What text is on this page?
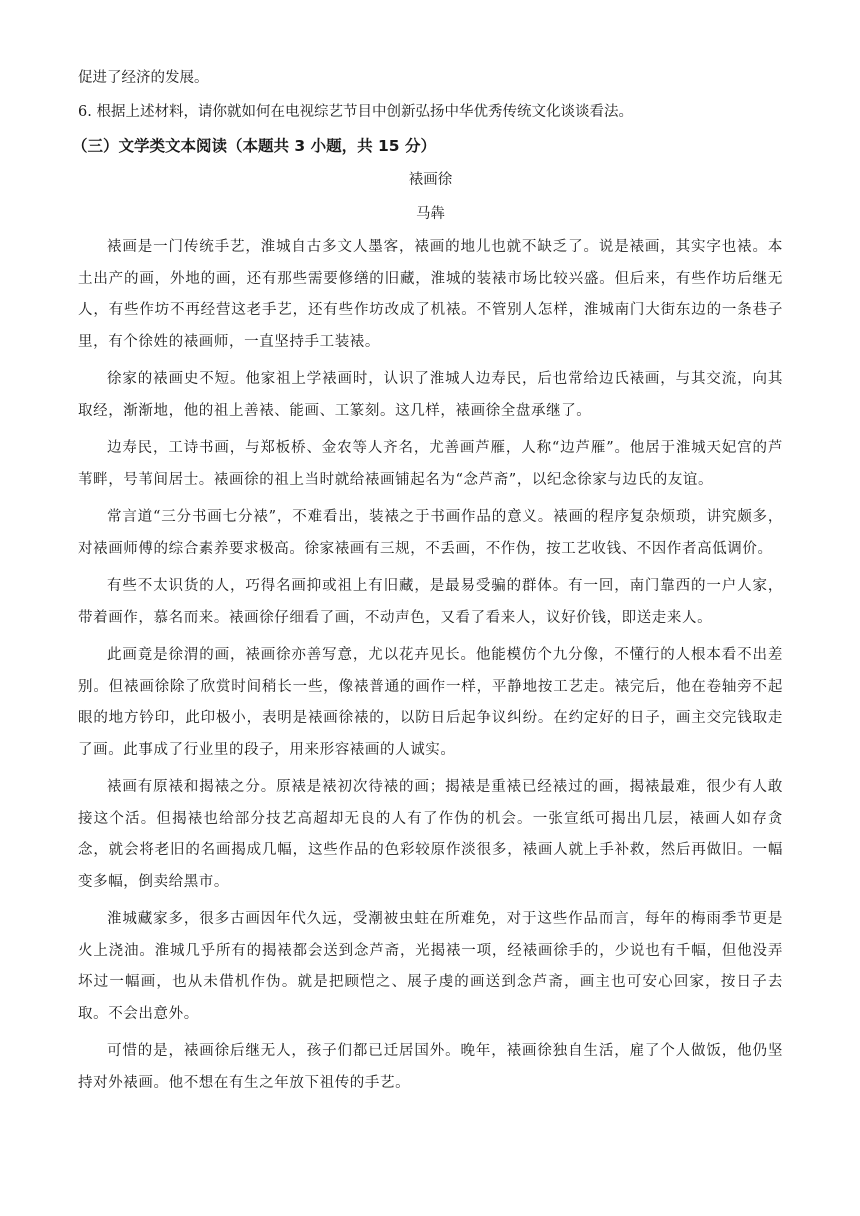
促进了经济的发展。

6. 根据上述材料，请你就如何在电视综艺节目中创新弘扬中华优秀传统文化谈谈看法。

（三）文学类文本阅读（本题共 3 小题，共 15 分）

裱画徐

马犇

裱画是一门传统手艺，淮城自古多文人墨客，裱画的地儿也就不缺乏了。说是裱画，其实字也裱。本土出产的画，外地的画，还有那些需要修缮的旧藏，淮城的装裱市场比较兴盛。但后来，有些作坊后继无人，有些作坊不再经营这老手艺，还有些作坊改成了机裱。不管别人怎样，淮城南门大街东边的一条巷子里，有个徐姓的裱画师，一直坚持手工装裱。

徐家的裱画史不短。他家祖上学裱画时，认识了淮城人边寿民，后也常给边氏裱画，与其交流，向其取经，渐渐地，他的祖上善裱、能画、工篆刻。这几样，裱画徐全盘承继了。

边寿民，工诗书画，与郑板桥、金农等人齐名，尤善画芦雁，人称“边芦雁”。他居于淮城天妃宫的芦苇畔，号苇间居士。裱画徐的祖上当时就给裱画铺起名为“念芦斋”，以纪念徐家与边氏的友谊。

常言道“三分书画七分裱”，不难看出，装裱之于书画作品的意义。裱画的程序复杂烦琐，讲究颇多，对裱画师傅的综合素养要求极高。徐家裱画有三规，不丢画，不作伪，按工艺收钱、不因作者高低调价。

有些不太识货的人，巧得名画抑或祖上有旧藏，是最易受骗的群体。有一回，南门靠西的一户人家，带着画作，慕名而来。裱画徐仔细看了画，不动声色，又看了看来人，议好价钱，即送走来人。

此画竟是徐渭的画，裱画徐亦善写意，尤以花卉见长。他能模仿个九分像，不懂行的人根本看不出差别。但裱画徐除了欣赏时间稍长一些，像裱普通的画作一样，平静地按工艺走。裱完后，他在卷轴旁不起眼的地方钤印，此印极小，表明是裱画徐裱的，以防日后起争议纠纷。在约定好的日子，画主交完钱取走了画。此事成了行业里的段子，用来形容裱画的人诚实。

裱画有原裱和揭裱之分。原裱是裱初次待裱的画；揭裱是重裱已经裱过的画，揭裱最难，很少有人敢接这个活。但揭裱也给部分技艺高超却无良的人有了作伪的机会。一张宣纸可揭出几层，裱画人如存贪念，就会将老旧的名画揭成几幅，这些作品的色彩较原作淡很多，裱画人就上手补救，然后再做旧。一幅变多幅，倒卖给黑市。

淮城藏家多，很多古画因年代久远，受潮被虫蛀在所难免，对于这些作品而言，每年的梅雨季节更是火上浇油。淮城几乎所有的揭裱都会送到念芦斋，光揭裱一项，经裱画徐手的，少说也有千幅，但他没弄坏过一幅画，也从未借机作伪。就是把顾恺之、展子虔的画送到念芦斋，画主也可安心回家，按日子去取。不会出意外。

可惜的是，裱画徐后继无人，孩子们都已迁居国外。晚年，裱画徐独自生活，雇了个人做饭，他仍坚持对外裱画。他不想在有生之年放下祖传的手艺。
